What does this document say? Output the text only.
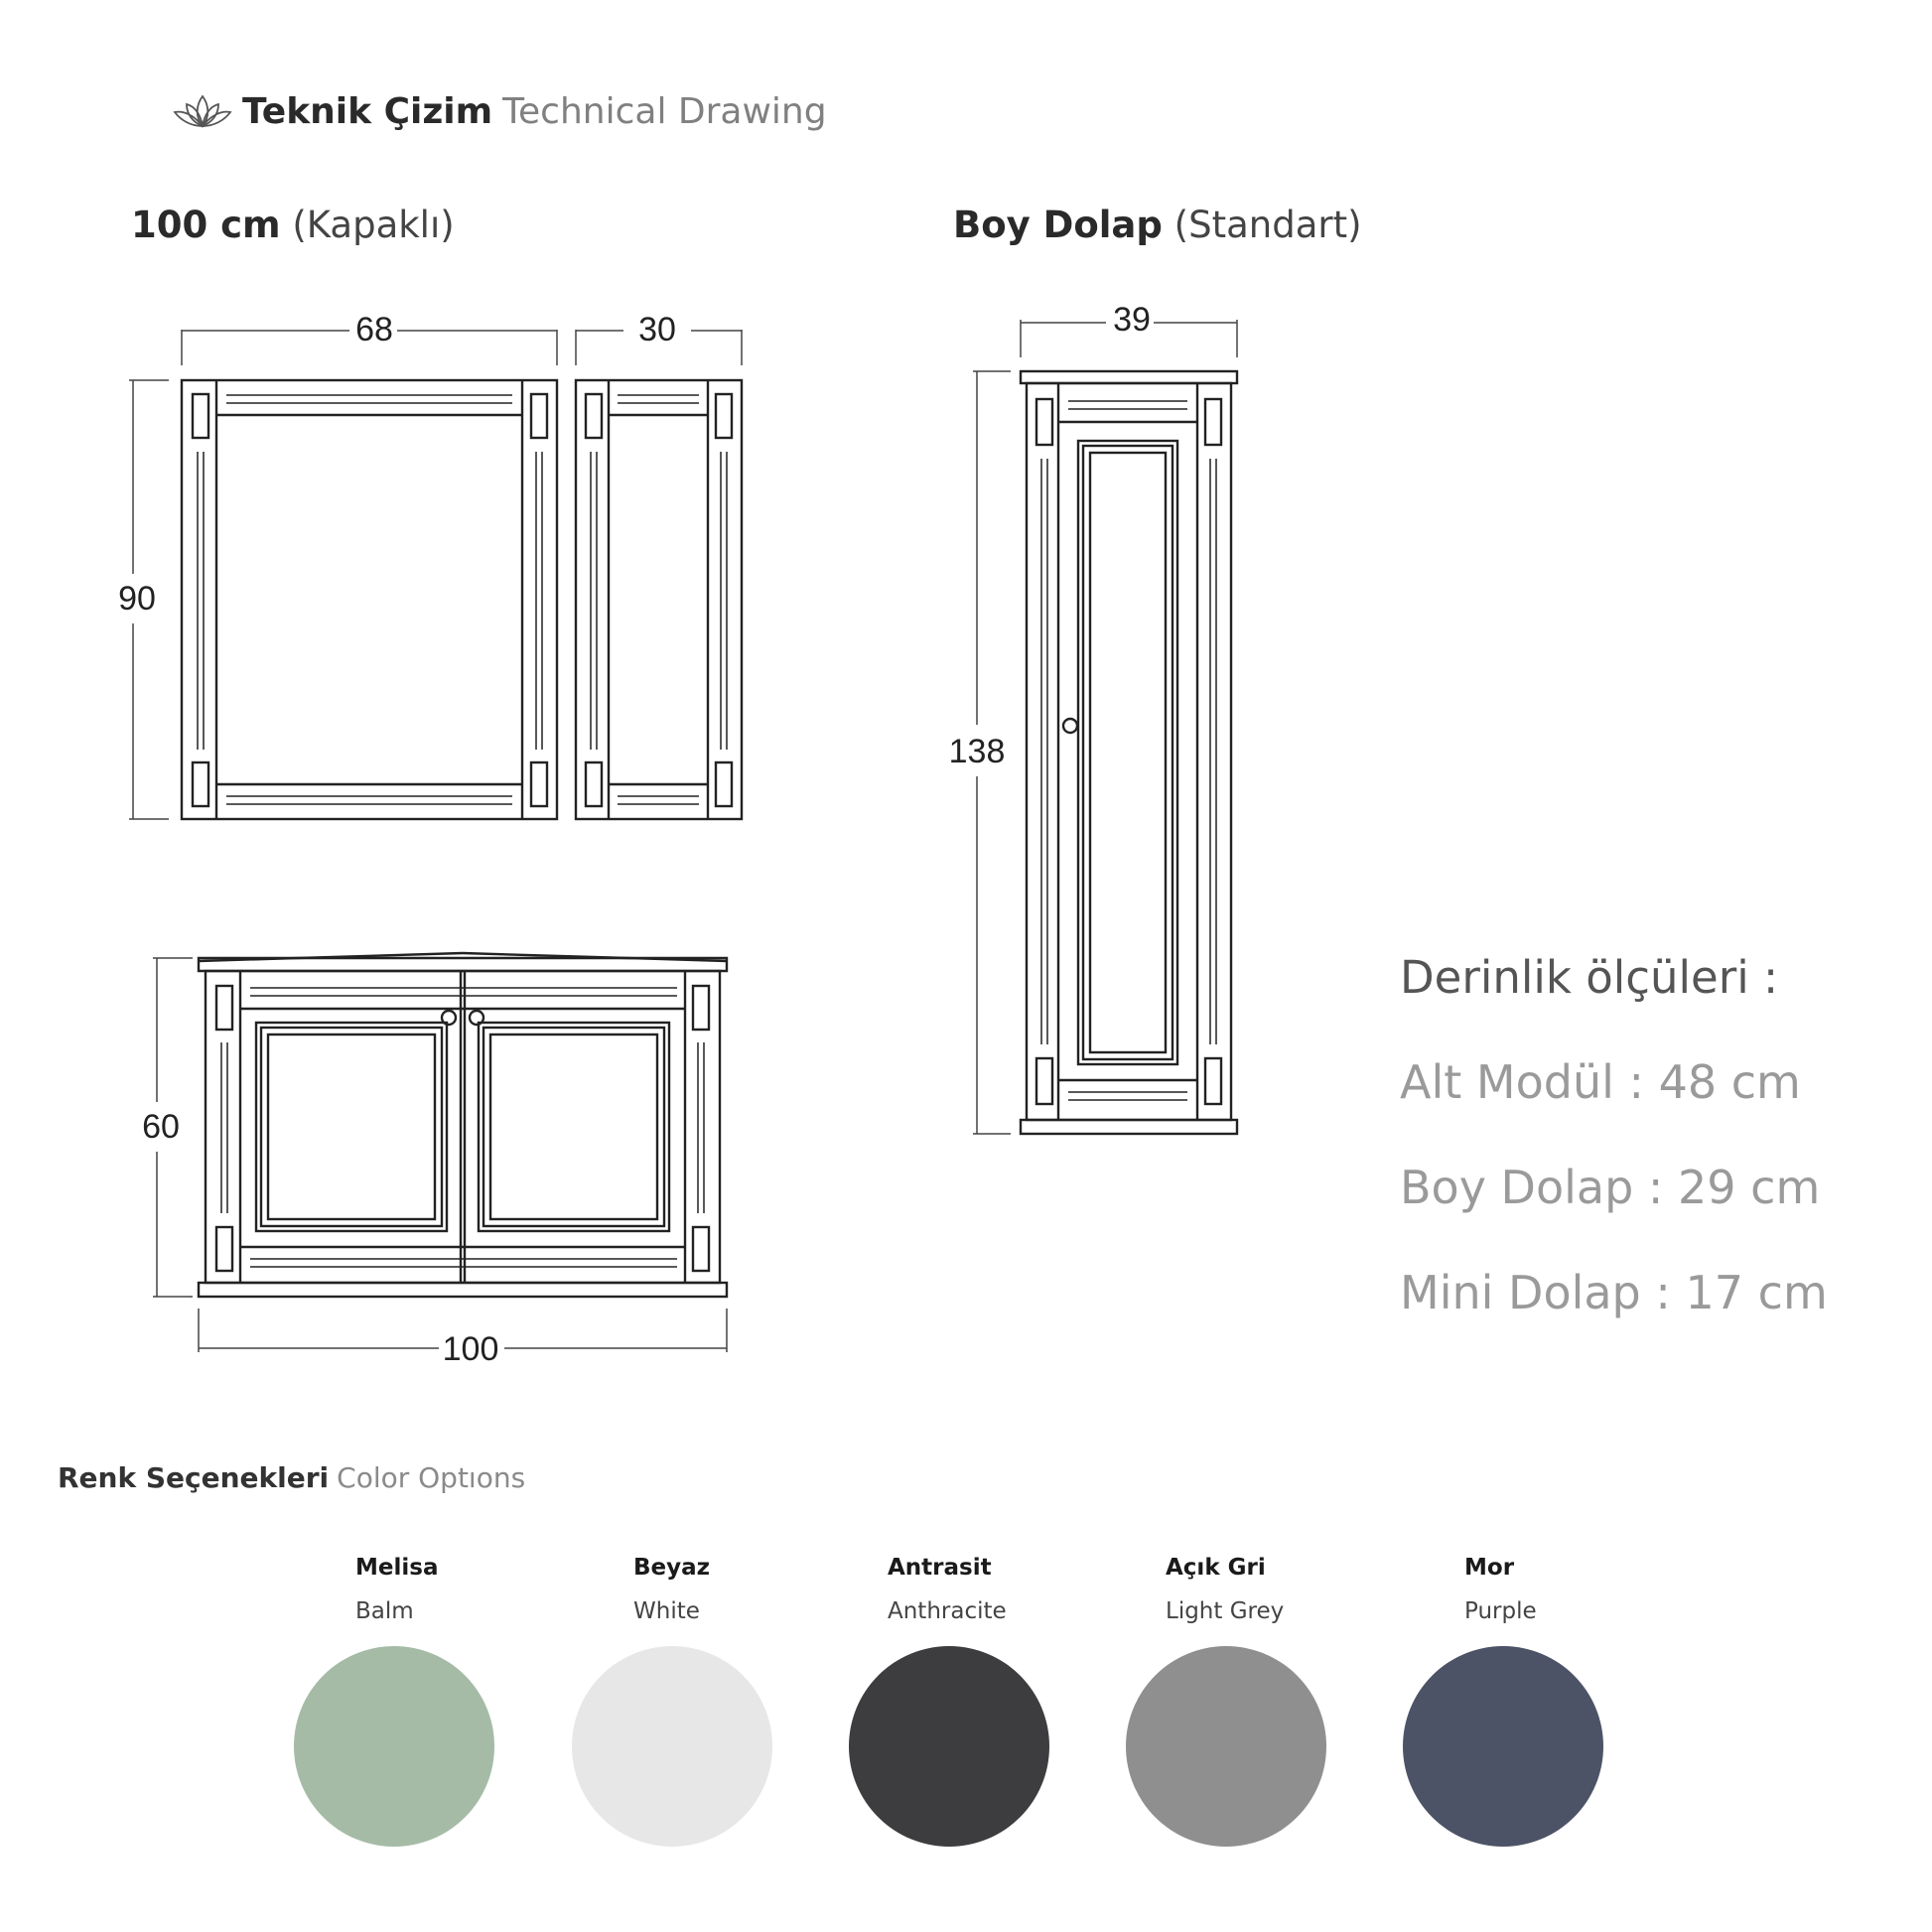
Teknik Çizim Technical Drawing
100 cm (Kapaklı)	Boy Dolap (Standart)
68	30
90
39
138
60
100
Derinlik ölçüleri :
Alt Modül : 48 cm
Boy Dolap : 29 cm
Mini Dolap : 17 cm
Renk Seçenekleri Color Optıons
Melisa
Balm
Beyaz
White
Antrasit
Anthracite
Açık Gri
Light Grey
Mor
Purple
